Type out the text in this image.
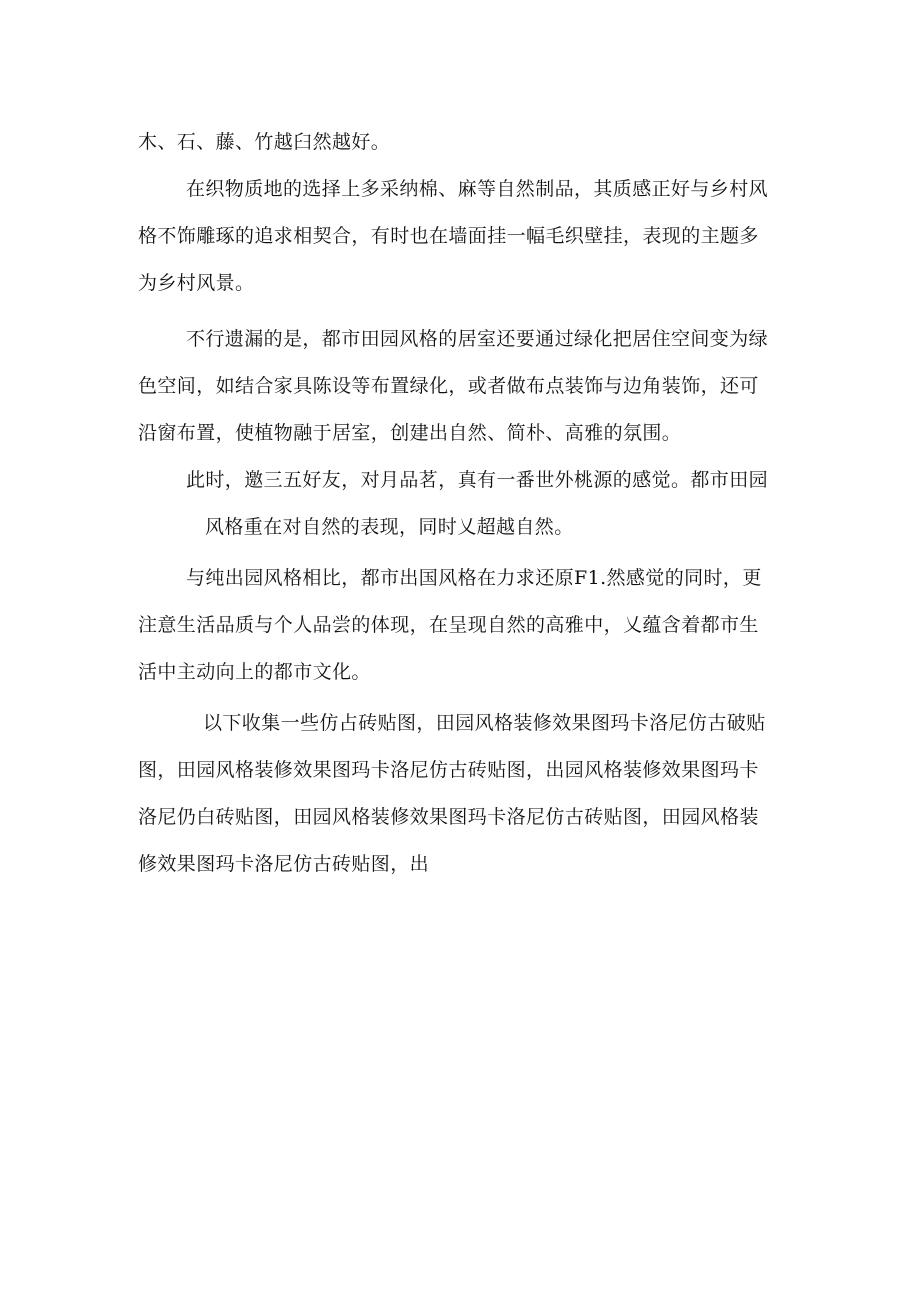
木、石、藤、竹越臼然越好。
在织物质地的选择上多采纳棉、麻等自然制品，其质感正好与乡村风
格不饰雕琢的追求相契合，有时也在墙面挂一幅毛织壁挂，表现的主题多
为乡村风景。
不行遗漏的是，都市田园风格的居室还要通过绿化把居住空间变为绿
色空间，如结合家具陈设等布置绿化，或者做布点装饰与边角装饰，还可
沿窗布置，使植物融于居室，创建出自然、简朴、高雅的氛围。
此时，邀三五好友，对月品茗，真有一番世外桃源的感觉。都市田园
风格重在对自然的表现，同时乂超越自然。
与纯出园风格相比，都市出国风格在力求还原F1.然感觉的同时，更
注意生活品质与个人品尝的体现，在呈现自然的高雅中，乂蕴含着都市生
活中主动向上的都市文化。
以下收集一些仿占砖贴图，田园风格装修效果图玛卡洛尼仿古破贴
图，田园风格装修效果图玛卡洛尼仿古砖贴图，出园风格装修效果图玛卡
洛尼仍白砖贴图，田园风格装修效果图玛卡洛尼仿古砖贴图，田园风格装
修效果图玛卡洛尼仿古砖贴图，出
